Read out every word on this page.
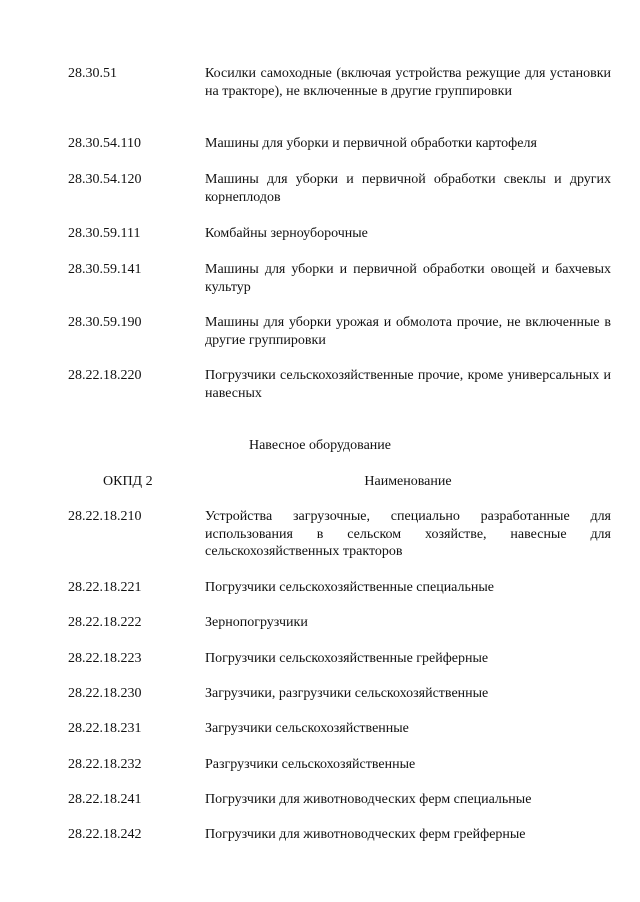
28.30.51	Косилки самоходные (включая устройства режущие для установки на тракторе), не включенные в другие группировки
28.30.54.110	Машины для уборки и первичной обработки картофеля
28.30.54.120	Машины для уборки и первичной обработки свеклы и других корнеплодов
28.30.59.111	Комбайны зерноуборочные
28.30.59.141	Машины для уборки и первичной обработки овощей и бахчевых культур
28.30.59.190	Машины для уборки урожая и обмолота прочие, не включенные в другие группировки
28.22.18.220	Погрузчики сельскохозяйственные прочие, кроме универсальных и навесных
Навесное оборудование
ОКПД 2	Наименование
28.22.18.210	Устройства загрузочные, специально разработанные для использования в сельском хозяйстве, навесные для сельскохозяйственных тракторов
28.22.18.221	Погрузчики сельскохозяйственные специальные
28.22.18.222	Зернопогрузчики
28.22.18.223	Погрузчики сельскохозяйственные грейферные
28.22.18.230	Загрузчики, разгрузчики сельскохозяйственные
28.22.18.231	Загрузчики сельскохозяйственные
28.22.18.232	Разгрузчики сельскохозяйственные
28.22.18.241	Погрузчики для животноводческих ферм специальные
28.22.18.242	Погрузчики для животноводческих ферм грейферные
